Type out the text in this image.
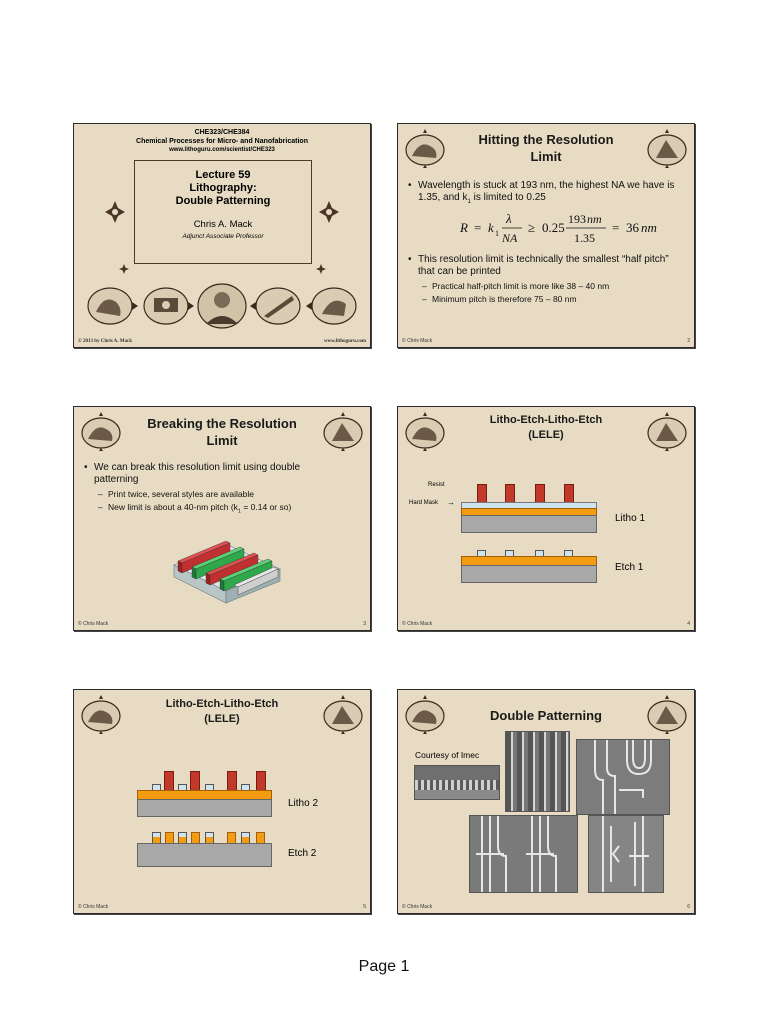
CHE323/CHE384
Chemical Processes for Micro- and Nanofabrication
www.lithoguru.com/scientist/CHE323
Lecture 59
Lithography:
Double Patterning
Chris A. Mack
Adjunct Associate Professor
© 2013 by Chris A. Mack	www.lithoguru.com
Hitting the Resolution
Limit
• Wavelength is stuck at 193 nm, the highest NA we have is 1.35, and $k_1$ is limited to 0.25
R = k 1
λ
NA
≥ 0.25
193 nm
1.35
= 36 nm
• This resolution limit is technically the smallest “half pitch” that can be printed
– Practical half-pitch limit is more like 38 – 40 nm
– Minimum pitch is therefore 75 – 80 nm
© Chris Mack	2
Breaking the Resolution
Limit
• We can break this resolution limit using double patterning
– Print twice, several styles are available
– New limit is about a 40-nm pitch ($k_1 = 0.14$ or so)
© Chris Mack	3
Litho-Etch-Litho-Etch
(LELE)
Resist
Hard Mask →
Litho 1
Etch 1
© Chris Mack	4
Litho-Etch-Litho-Etch
(LELE)
Litho 2
Etch 2
© Chris Mack	5
Double Patterning
Courtesy of Imec
© Chris Mack	6
Page 1
